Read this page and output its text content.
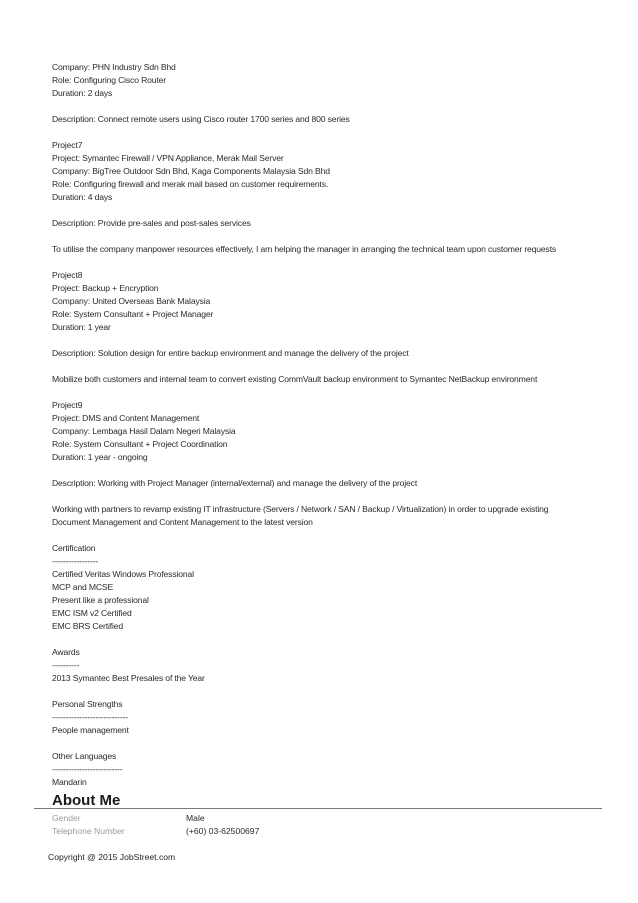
Company: PHN Industry Sdn Bhd
Role: Configuring Cisco Router
Duration: 2 days
Description: Connect remote users using Cisco router 1700 series and 800 series
Project7
Project: Symantec Firewall / VPN Appliance, Merak Mail Server
Company: BigTree Outdoor Sdn Bhd, Kaga Components Malaysia Sdn Bhd
Role: Configuring firewall and merak mail based on customer requirements.
Duration: 4 days
Description: Provide pre-sales and post-sales services
To utilise the company manpower resources effectively, I am helping the manager in arranging the technical team upon customer requests
Project8
Project: Backup + Encryption
Company: United Overseas Bank Malaysia
Role: System Consultant + Project Manager
Duration: 1 year
Description: Solution design for entire backup environment and manage the delivery of the project
Mobilize both customers and internal team to convert existing CommVault backup environment to Symantec NetBackup environment
Project9
Project: DMS and Content Management
Company: Lembaga Hasil Dalam Negeri Malaysia
Role: System Consultant + Project Coordination
Duration: 1 year - ongoing
Description: Working with Project Manager (internal/external) and manage the delivery of the project
Working with partners to revamp existing IT infrastructure (Servers / Network / SAN / Backup / Virtualization) in order to upgrade existing
Document Management and Content Management to the latest version
Certification
-----------------
Certified Veritas Windows Professional
MCP and MCSE
Present like a professional
EMC ISM v2 Certified
EMC BRS Certified
Awards
----------
2013 Symantec Best Presales of the Year
Personal Strengths
----------------------------
People management
Other Languages
--------------------------
Mandarin
About Me
Gender	Male
Telephone Number	(+60) 03-62500697
Copyright @ 2015 JobStreet.com
